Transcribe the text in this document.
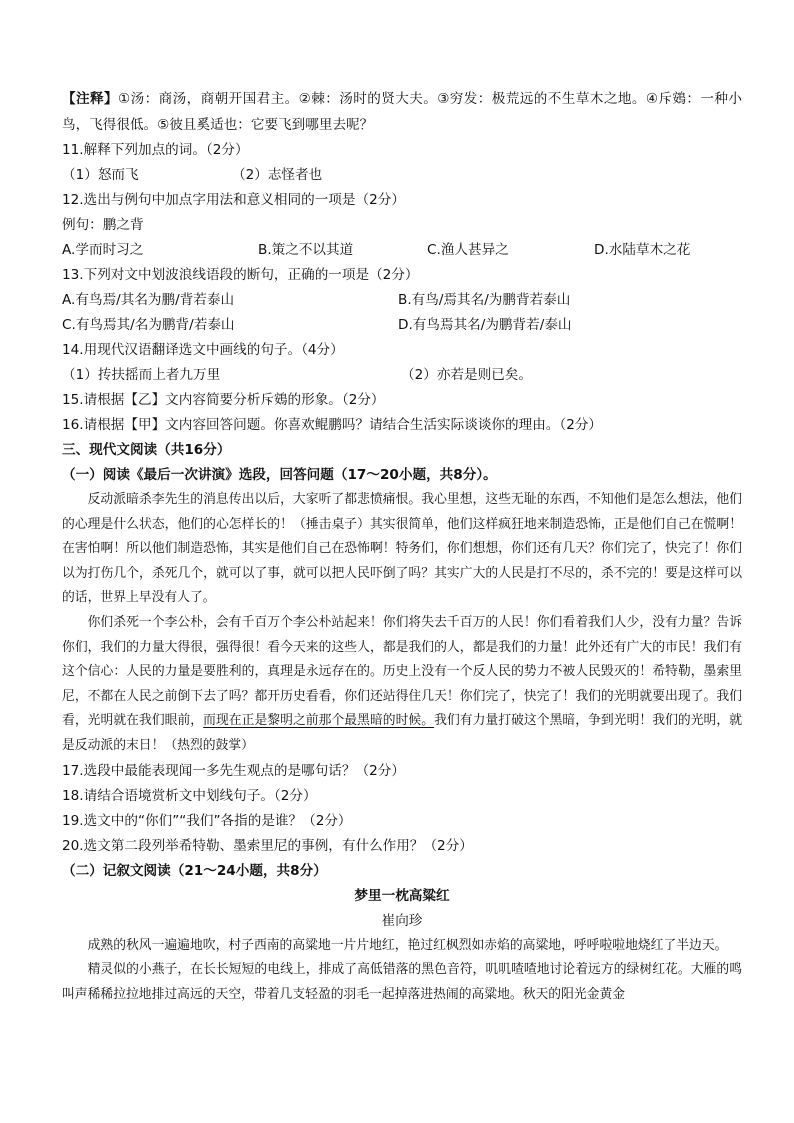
【注释】①汤：商汤，商朝开国君主。②棘：汤时的贤大夫。③穷发：极荒远的不生草木之地。④斥鴳：一种小鸟，飞得很低。⑤彼且奚适也：它要飞到哪里去呢？
11.解释下列加点的词。（2分）
（1）怒而飞	（2）志怪者也
12.选出与例句中加点字用法和意义相同的一项是（2分）
例句：鹏之背
A.学而时习之	B.策之不以其道	C.渔人甚异之	D.水陆草木之花
13.下列对文中划波浪线语段的断句，正确的一项是（2分）
A.有鸟焉/其名为鹏/背若泰山	B.有鸟/焉其名/为鹏背若泰山
C.有鸟焉其/名为鹏背/若泰山	D.有鸟焉其名/为鹏背若/泰山
14.用现代汉语翻译选文中画线的句子。（4分）
（1）抟扶摇而上者九万里	（2）亦若是则已矣。
15.请根据【乙】文内容简要分析斥鴳的形象。（2分）
16.请根据【甲】文内容回答问题。你喜欢鲲鹏吗？请结合生活实际谈谈你的理由。（2分）
三、现代文阅读（共16分）
（一）阅读《最后一次讲演》选段，回答问题（17～20小题，共8分）。
反动派暗杀李先生的消息传出以后，大家听了都悲愤痛恨。我心里想，这些无耻的东西，不知他们是怎么想法，他们的心理是什么状态，他们的心怎样长的！（捶击桌子）其实很简单，他们这样疯狂地来制造恐怖，正是他们自己在慌啊！在害怕啊！所以他们制造恐怖，其实是他们自己在恐怖啊！特务们，你们想想，你们还有几天？你们完了，快完了！你们以为打伤几个，杀死几个，就可以了事，就可以把人民吓倒了吗？其实广大的人民是打不尽的，杀不完的！要是这样可以的话，世界上早没有人了。
你们杀死一个李公朴，会有千百万个李公朴站起来！你们将失去千百万的人民！你们看着我们人少，没有力量？告诉你们，我们的力量大得很，强得很！看今天来的这些人，都是我们的人，都是我们的力量！此外还有广大的市民！我们有这个信心：人民的力量是要胜利的，真理是永远存在的。历史上没有一个反人民的势力不被人民毁灭的！希特勒，墨索里尼，不都在人民之前倒下去了吗？都开历史看看，你们还站得住几天！你们完了，快完了！我们的光明就要出现了。我们看，光明就在我们眼前，而现在正是黎明之前那个最黑暗的时候。我们有力量打破这个黑暗，争到光明！我们的光明，就是反动派的末日！（热烈的鼓掌）
17.选段中最能表现闻一多先生观点的是哪句话？（2分）
18.请结合语境赏析文中划线句子。（2分）
19.选文中的“你们”“我们”各指的是谁？（2分）
20.选文第二段列举希特勒、墨索里尼的事例，有什么作用？（2分）
（二）记叙文阅读（21～24小题，共8分）
梦里一枕高粱红
崔向珍
成熟的秋风一遍遍地吹，村子西南的高粱地一片片地红，艳过红枫烈如赤焰的高粱地，呼呼啦啦地烧红了半边天。
精灵似的小燕子，在长长短短的电线上，排成了高低错落的黑色音符，叽叽喳喳地讨论着远方的绿树红花。大雁的鸣叫声稀稀拉拉地排过高远的天空，带着几支轻盈的羽毛一起掉落进热闹的高粱地。秋天的阳光金黄金
